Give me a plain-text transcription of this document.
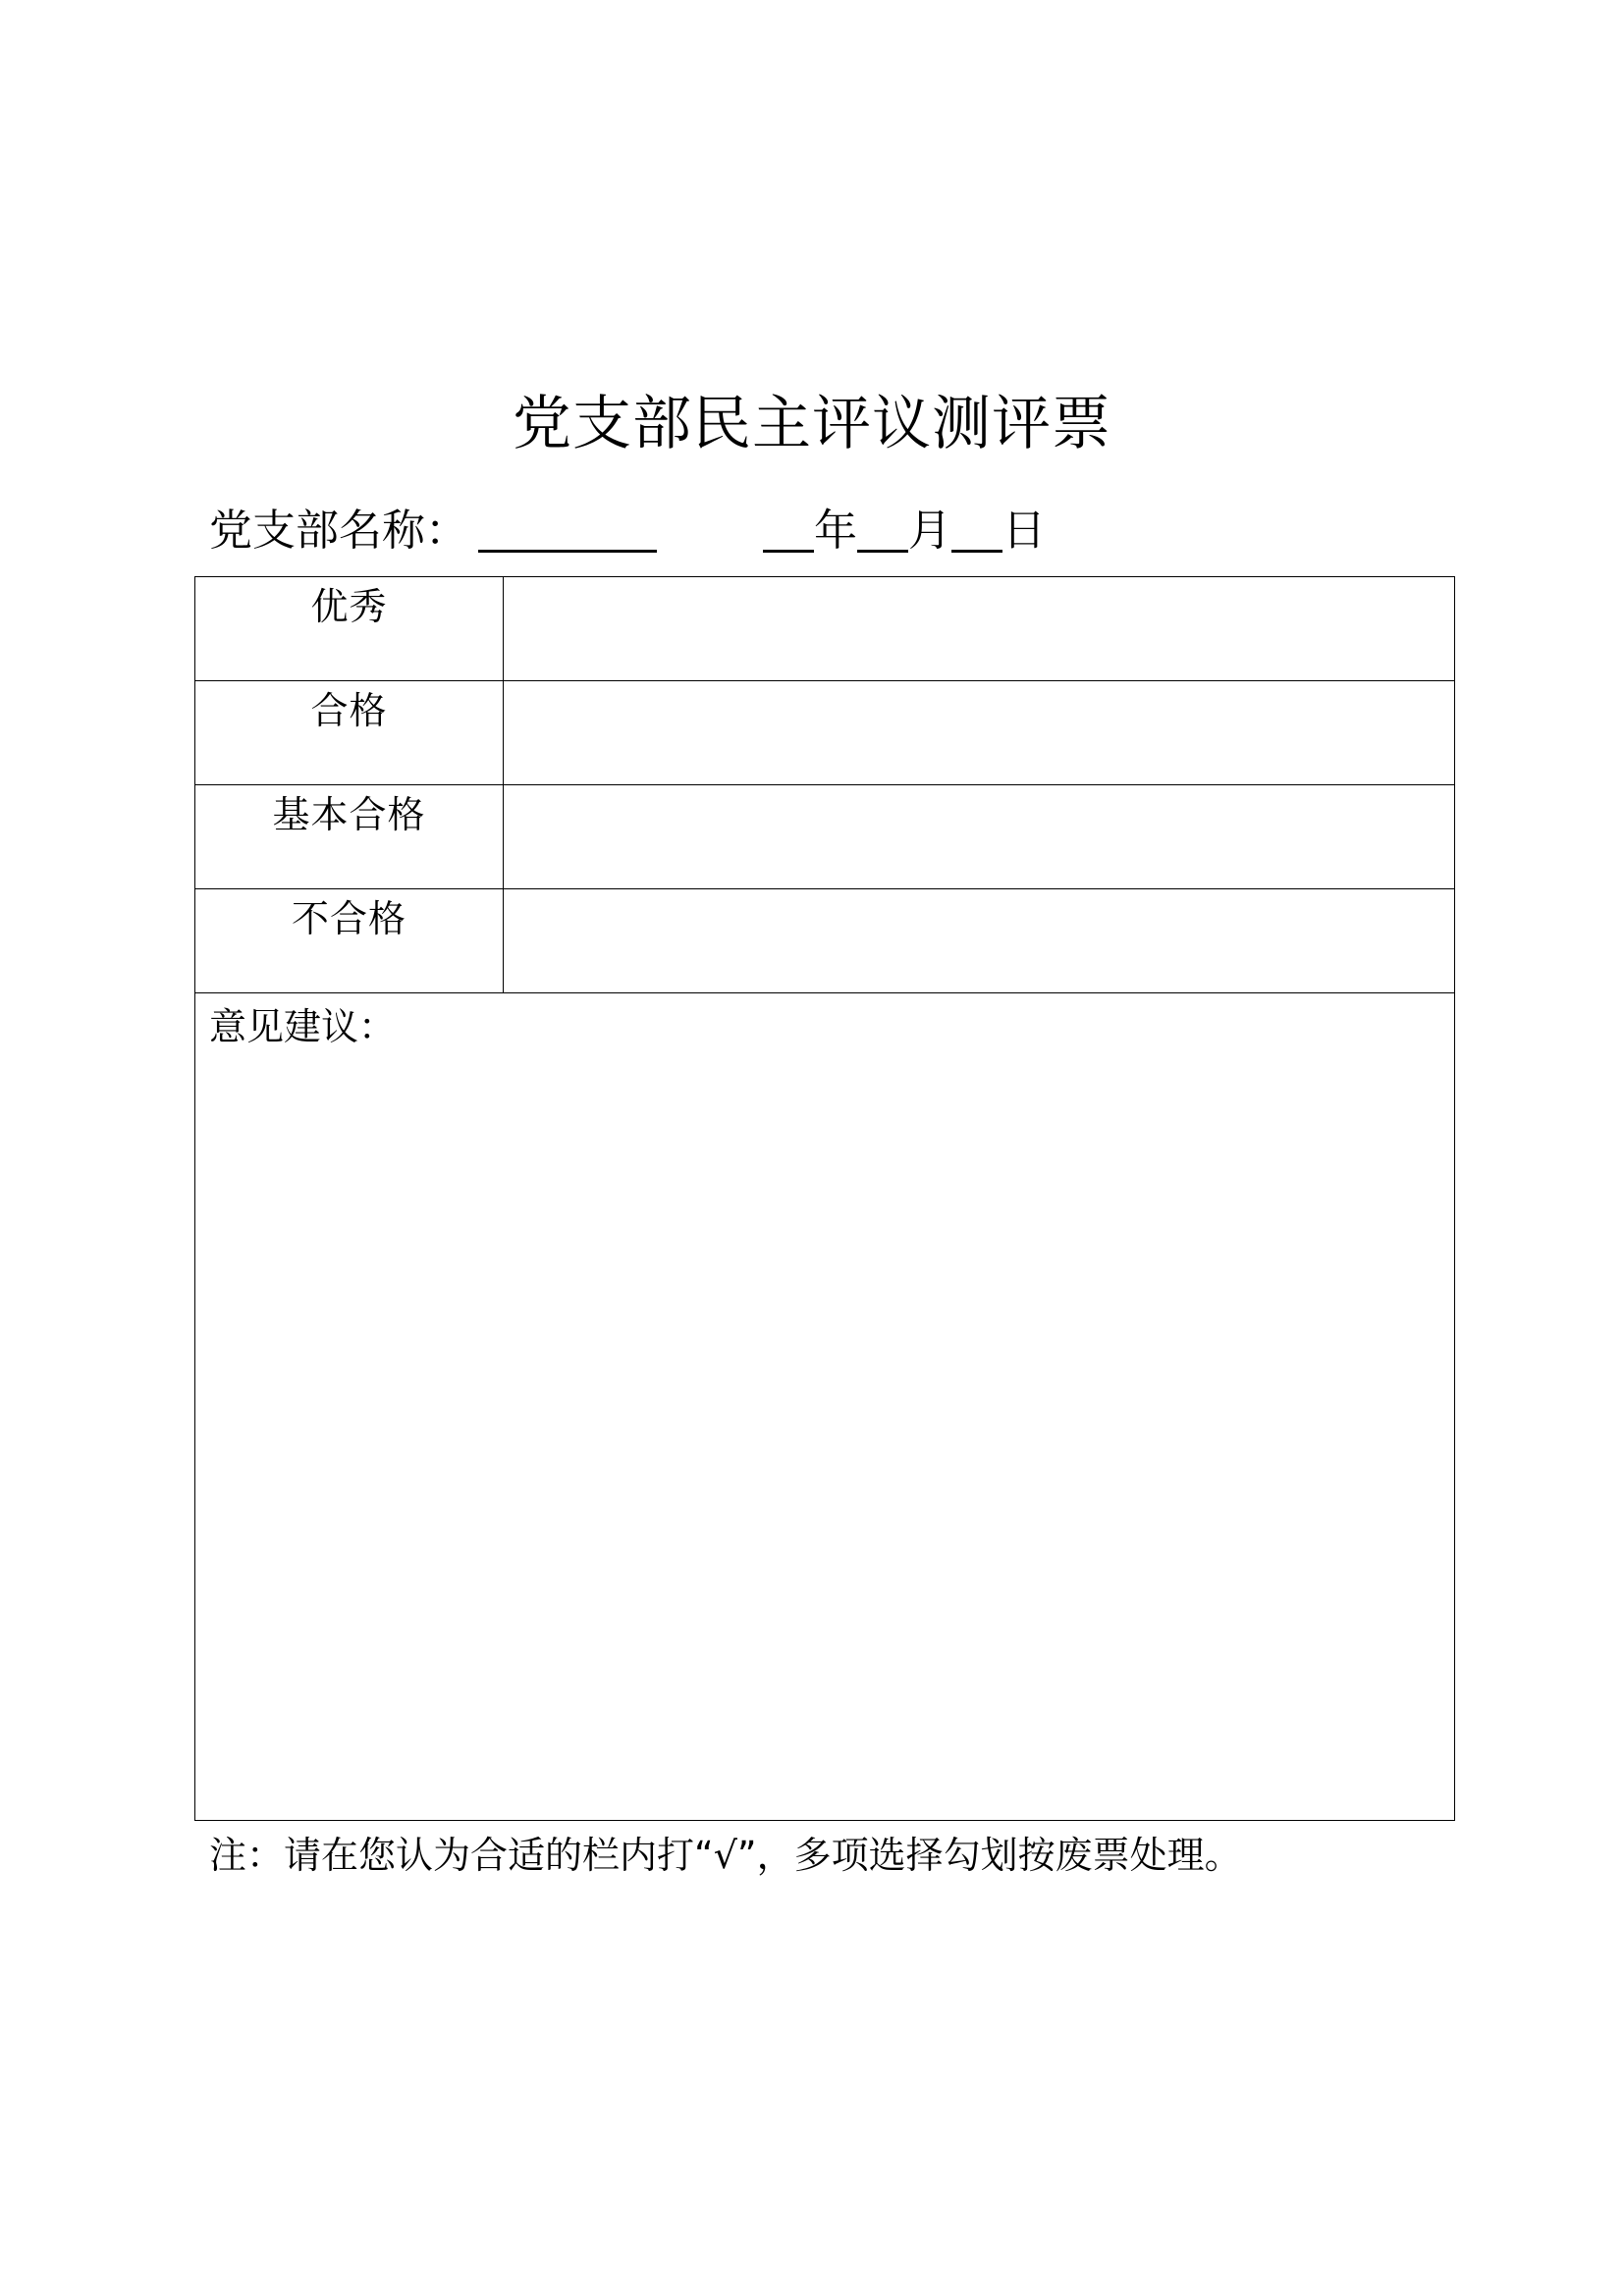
党支部民主评议测评票
党支部名称：	年 月 日
优秀
合格
基本合格
不合格
意见建议：
注：请在您认为合适的栏内打“√”，多项选择勾划按废票处理。
